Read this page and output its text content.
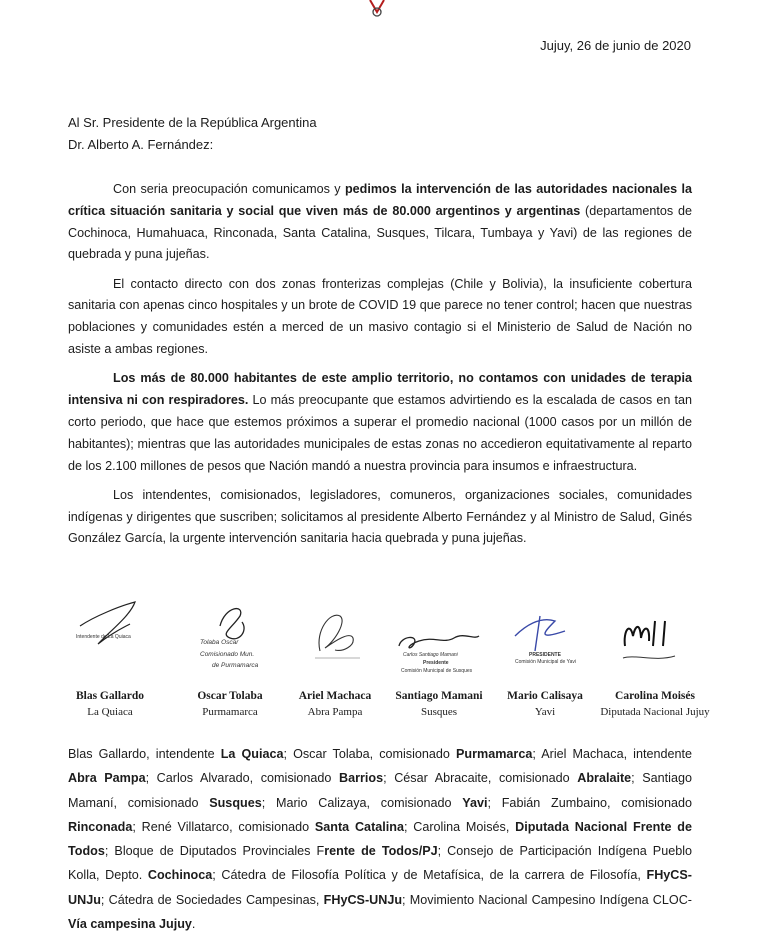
Jujuy, 26 de junio de 2020
Al Sr. Presidente de la República Argentina
Dr. Alberto A. Fernández:

Con seria preocupación comunicamos y pedimos la intervención de las autoridades nacionales la crítica situación sanitaria y social que viven más de 80.000 argentinos y argentinas (departamentos de Cochinoca, Humahuaca, Rinconada, Santa Catalina, Susques, Tilcara, Tumbaya y Yavi) de las regiones de quebrada y puna jujeñas.

El contacto directo con dos zonas fronterizas complejas (Chile y Bolivia), la insuficiente cobertura sanitaria con apenas cinco hospitales y un brote de COVID 19 que parece no tener control; hacen que nuestras poblaciones y comunidades estén a merced de un masivo contagio si el Ministerio de Salud de Nación no asiste a ambas regiones.

Los más de 80.000 habitantes de este amplio territorio, no contamos con unidades de terapia intensiva ni con respiradores. Lo más preocupante que estamos advirtiendo es la escalada de casos en tan corto periodo, que hace que estemos próximos a superar el promedio nacional (1000 casos por un millón de habitantes); mientras que las autoridades municipales de estas zonas no accedieron equitativamente al reparto de los 2.100 millones de pesos que Nación mandó a nuestra provincia para insumos e infraestructura.

Los intendentes, comisionados, legisladores, comuneros, organizaciones sociales, comunidades indígenas y dirigentes que suscriben; solicitamos al presidente Alberto Fernández y al Ministro de Salud, Ginés González García, la urgente intervención sanitaria hacia quebrada y puna jujeñas.

Intendente de La Quiaca
Blas Gallardo
La Quiaca
Tolaba Oscar
Comisionado Mun.
de Purmamarca
Oscar Tolaba
Purmamarca
Ariel Machaca
Abra Pampa
Carlos Santiago Mamani
Presidente
Comisión Municipal de Susques
Santiago Mamani
Susques
PRESIDENTE
Comisión Municipal de Yavi
Mario Calisaya
Yavi
Carolina Moisés
Diputada Nacional Jujuy
Blas Gallardo, intendente La Quiaca; Oscar Tolaba, comisionado Purmamarca; Ariel Machaca, intendente Abra Pampa; Carlos Alvarado, comisionado Barrios; César Abracaite, comisionado Abralaite; Santiago Mamaní, comisionado Susques; Mario Calizaya, comisionado Yavi; Fabián Zumbaino, comisionado Rinconada; René Villatarco, comisionado Santa Catalina; Carolina Moisés, Diputada Nacional Frente de Todos; Bloque de Diputados Provinciales Frente de Todos/PJ; Consejo de Participación Indígena Pueblo Kolla, Depto. Cochinoca; Cátedra de Filosofía Política y de Metafísica, de la carrera de Filosofía, FHyCS-UNJu; Cátedra de Sociedades Campesinas, FHyCS-UNJu; Movimiento Nacional Campesino Indígena CLOC-Vía campesina Jujuy.
